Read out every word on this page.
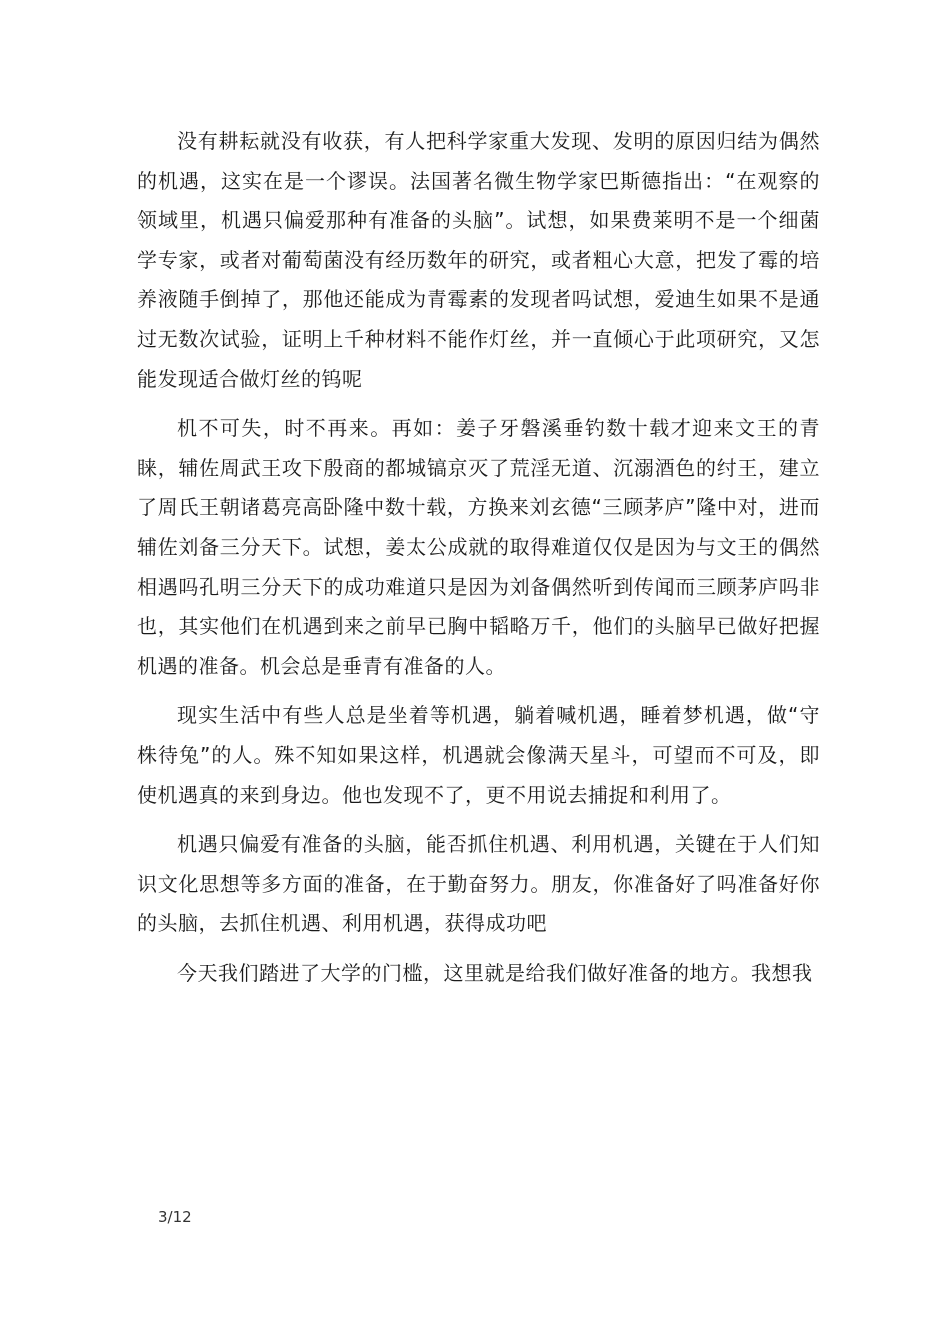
没有耕耘就没有收获，有人把科学家重大发现、发明的原因归结为偶然的机遇，这实在是一个谬误。法国著名微生物学家巴斯德指出：“在观察的领域里，机遇只偏爱那种有准备的头脑”。试想，如果费莱明不是一个细菌学专家，或者对葡萄菌没有经历数年的研究，或者粗心大意，把发了霉的培养液随手倒掉了，那他还能成为青霉素的发现者吗试想，爱迪生如果不是通过无数次试验，证明上千种材料不能作灯丝，并一直倾心于此项研究，又怎能发现适合做灯丝的钨呢

机不可失，时不再来。再如：姜子牙磐溪垂钓数十载才迎来文王的青睐，辅佐周武王攻下殷商的都城镐京灭了荒淫无道、沉溺酒色的纣王，建立了周氏王朝诸葛亮高卧隆中数十载，方换来刘玄德“三顾茅庐”隆中对，进而辅佐刘备三分天下。试想，姜太公成就的取得难道仅仅是因为与文王的偶然相遇吗孔明三分天下的成功难道只是因为刘备偶然听到传闻而三顾茅庐吗非也，其实他们在机遇到来之前早已胸中韬略万千，他们的头脑早已做好把握机遇的准备。机会总是垂青有准备的人。

现实生活中有些人总是坐着等机遇，躺着喊机遇，睡着梦机遇，做“守株待兔”的人。殊不知如果这样，机遇就会像满天星斗，可望而不可及，即使机遇真的来到身边。他也发现不了，更不用说去捕捉和利用了。

机遇只偏爱有准备的头脑，能否抓住机遇、利用机遇，关键在于人们知识文化思想等多方面的准备，在于勤奋努力。朋友，你准备好了吗准备好你的头脑，去抓住机遇、利用机遇，获得成功吧

今天我们踏进了大学的门槛，这里就是给我们做好准备的地方。我想我

3/12
